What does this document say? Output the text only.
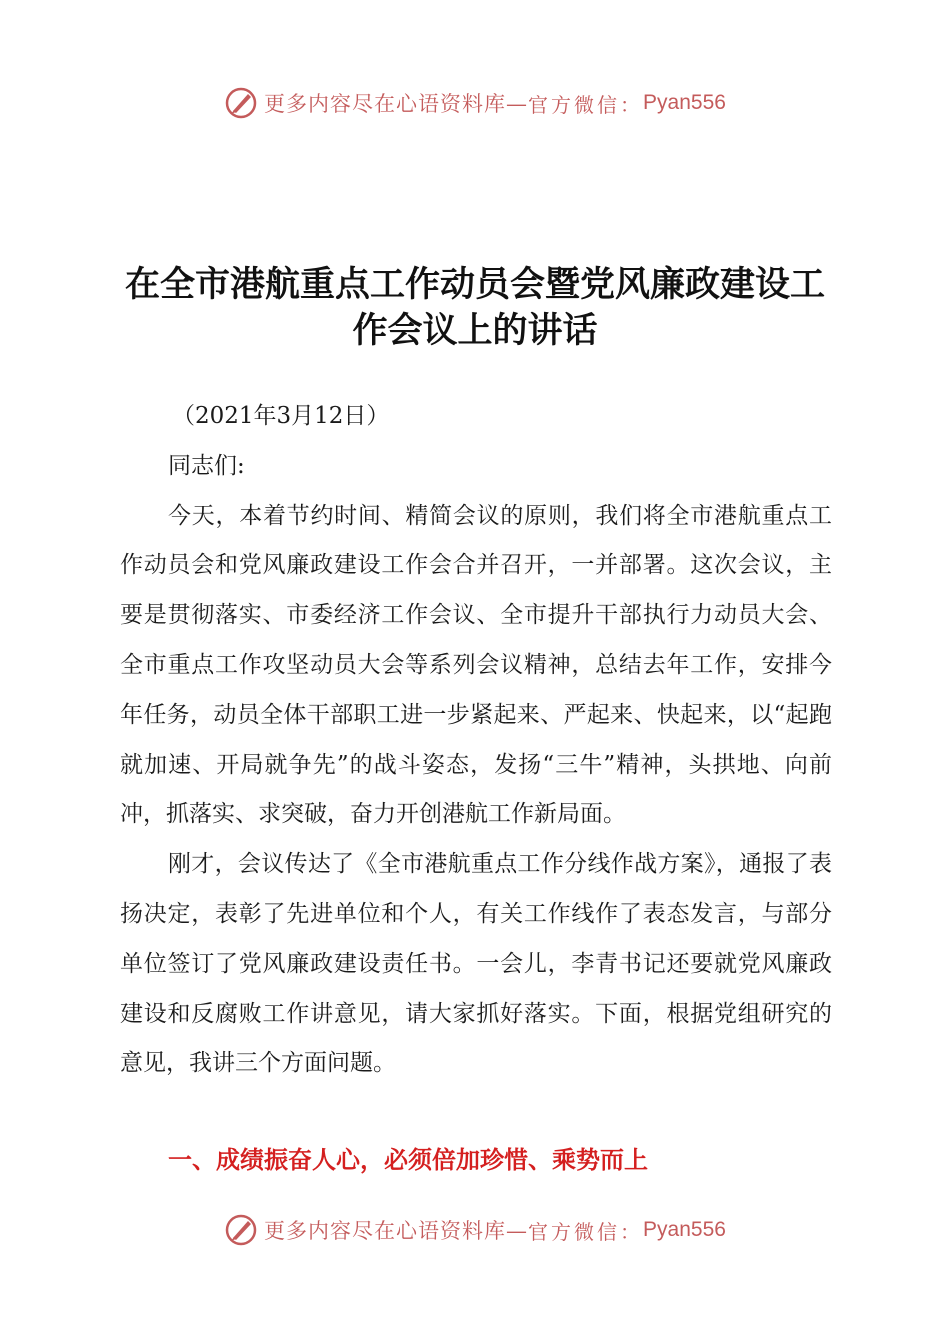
更多内容尽在心语资料库— 官方微信： Pyan556
在全市港航重点工作动员会暨党风廉政建设工
作会议上的讲话

（2021年3月12日）

同志们:

今天，本着节约时间、精简会议的原则，我们将全市港航重点工作动员会和党风廉政建设工作会合并召开，一并部署。这次会议，主要是贯彻落实、市委经济工作会议、全市提升干部执行力动员大会、全市重点工作攻坚动员大会等系列会议精神，总结去年工作，安排今年任务，动员全体干部职工进一步紧起来、严起来、快起来，以“起跑就加速、开局就争先”的战斗姿态，发扬“三牛”精神，头拱地、向前冲，抓落实、求突破，奋力开创港航工作新局面。

刚才，会议传达了《全市港航重点工作分线作战方案》，通报了表扬决定，表彰了先进单位和个人，有关工作线作了表态发言，与部分单位签订了党风廉政建设责任书。一会儿，李青书记还要就党风廉政建设和反腐败工作讲意见，请大家抓好落实。下面，根据党组研究的意见，我讲三个方面问题。

一、成绩振奋人心，必须倍加珍惜、乘势而上
更多内容尽在心语资料库— 官方微信： Pyan556
